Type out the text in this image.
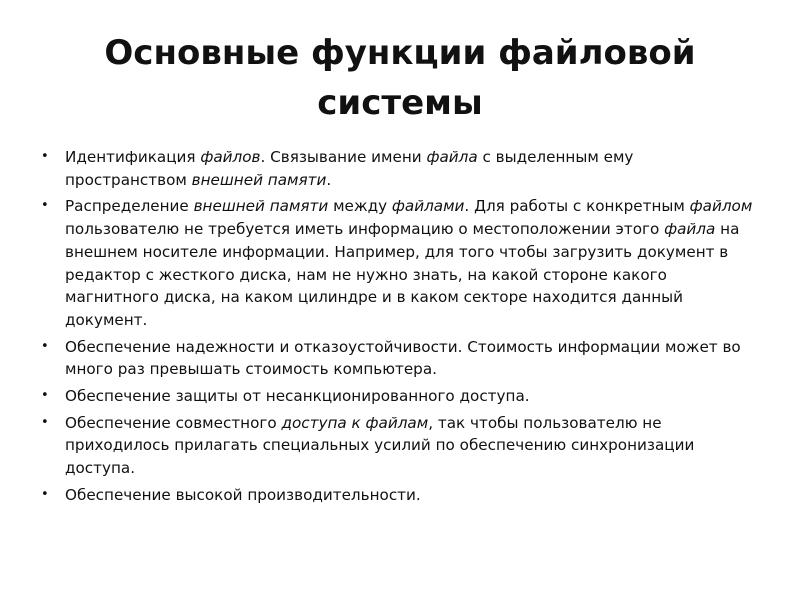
Основные функции файловой системы
• Идентификация файлов. Связывание имени файла с выделенным ему пространством внешней памяти.
• Распределение внешней памяти между файлами. Для работы с конкретным файлом пользователю не требуется иметь информацию о местоположении этого файла на внешнем носителе информации. Например, для того чтобы загрузить документ в редактор с жесткого диска, нам не нужно знать, на какой стороне какого магнитного диска, на каком цилиндре и в каком секторе находится данный документ.
• Обеспечение надежности и отказоустойчивости. Стоимость информации может во много раз превышать стоимость компьютера.
• Обеспечение защиты от несанкционированного доступа.
• Обеспечение совместного доступа к файлам, так чтобы пользователю не приходилось прилагать специальных усилий по обеспечению синхронизации доступа.
• Обеспечение высокой производительности.
